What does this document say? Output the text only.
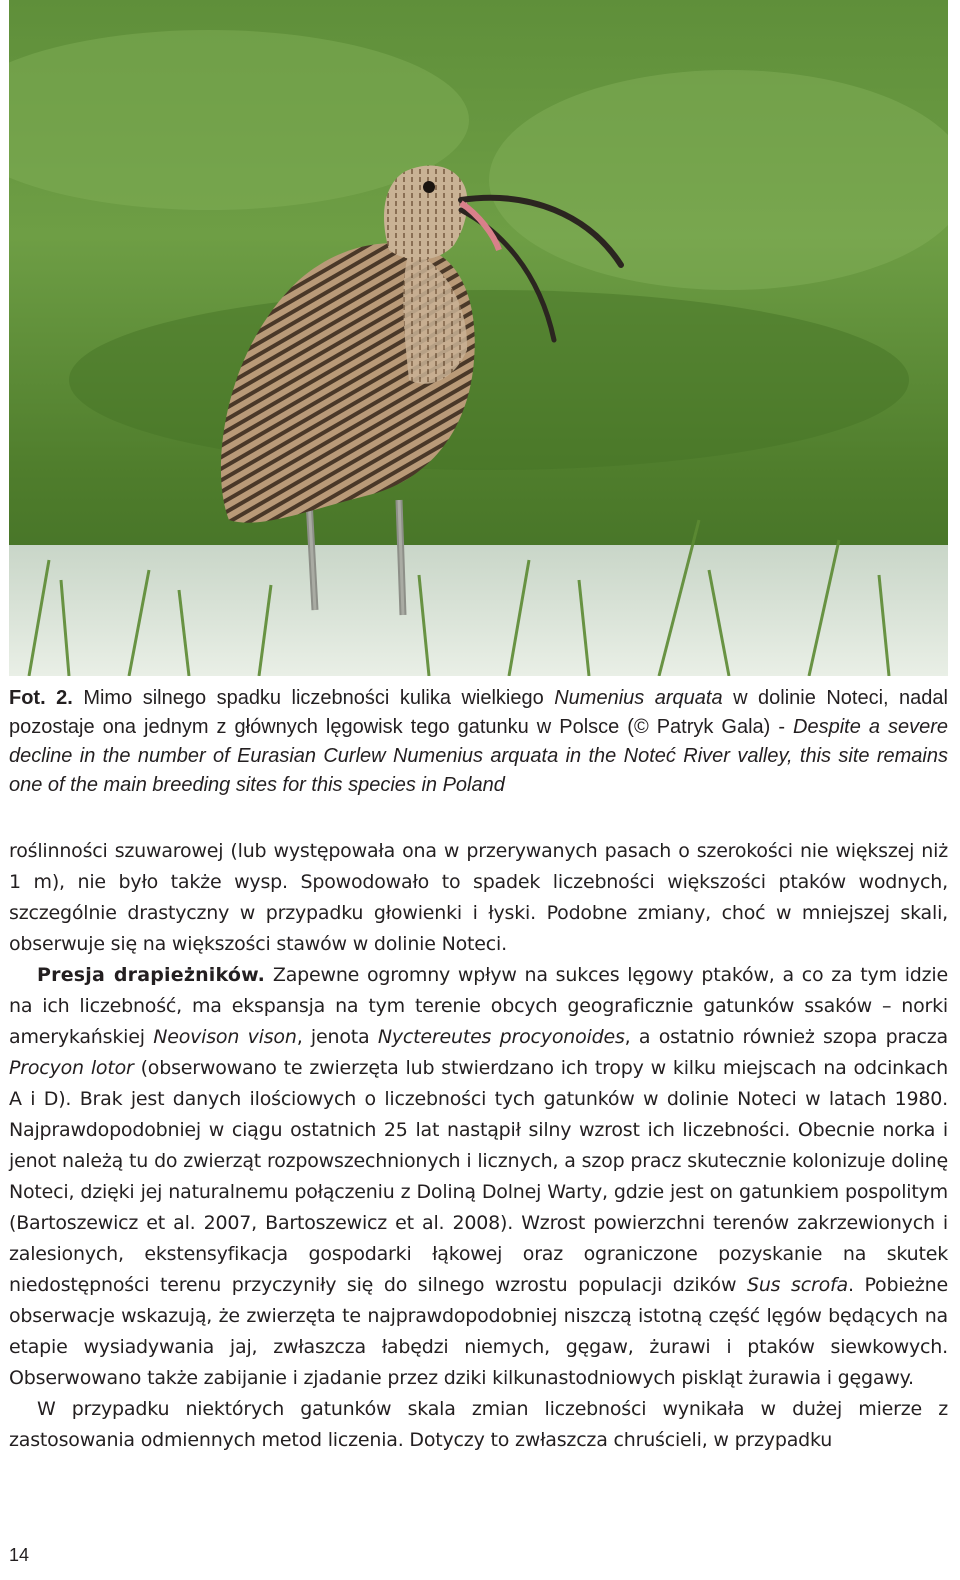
Fot. 2. Mimo silnego spadku liczebności kulika wielkiego Numenius arquata w dolinie Noteci, nadal pozostaje ona jednym z głównych lęgowisk tego gatunku w Polsce (© Patryk Gala) - Despite a severe decline in the number of Eurasian Curlew Numenius arquata in the Noteć River valley, this site remains one of the main breeding sites for this species in Poland

roślinności szuwarowej (lub występowała ona w przerywanych pasach o szerokości nie większej niż 1 m), nie było także wysp. Spowodowało to spadek liczebności większości ptaków wodnych, szczególnie drastyczny w przypadku głowienki i łyski. Podobne zmiany, choć w mniejszej skali, obserwuje się na większości stawów w dolinie Noteci.

Presja drapieżników. Zapewne ogromny wpływ na sukces lęgowy ptaków, a co za tym idzie na ich liczebność, ma ekspansja na tym terenie obcych geograficznie gatunków ssaków – norki amerykańskiej Neovison vison, jenota Nyctereutes procyonoides, a ostatnio również szopa pracza Procyon lotor (obserwowano te zwierzęta lub stwierdzano ich tropy w kilku miejscach na odcinkach A i D). Brak jest danych ilościowych o liczebności tych gatunków w dolinie Noteci w latach 1980. Najprawdopodobniej w ciągu ostatnich 25 lat nastąpił silny wzrost ich liczebności. Obecnie norka i jenot należą tu do zwierząt rozpowszechnionych i licznych, a szop pracz skutecznie kolonizuje dolinę Noteci, dzięki jej naturalnemu połączeniu z Doliną Dolnej Warty, gdzie jest on gatunkiem pospolitym (Bartoszewicz et al. 2007, Bartoszewicz et al. 2008). Wzrost powierzchni terenów zakrzewionych i zalesionych, ekstensyfikacja gospodarki łąkowej oraz ograniczone pozyskanie na skutek niedostępności terenu przyczyniły się do silnego wzrostu populacji dzików Sus scrofa. Pobieżne obserwacje wskazują, że zwierzęta te najprawdopodobniej niszczą istotną część lęgów będących na etapie wysiadywania jaj, zwłaszcza łabędzi niemych, gęgaw, żurawi i ptaków siewkowych. Obserwowano także zabijanie i zjadanie przez dziki kilkunastodniowych piskląt żurawia i gęgawy.

W przypadku niektórych gatunków skala zmian liczebności wynikała w dużej mierze z zastosowania odmiennych metod liczenia. Dotyczy to zwłaszcza chruścieli, w przypadku

14
